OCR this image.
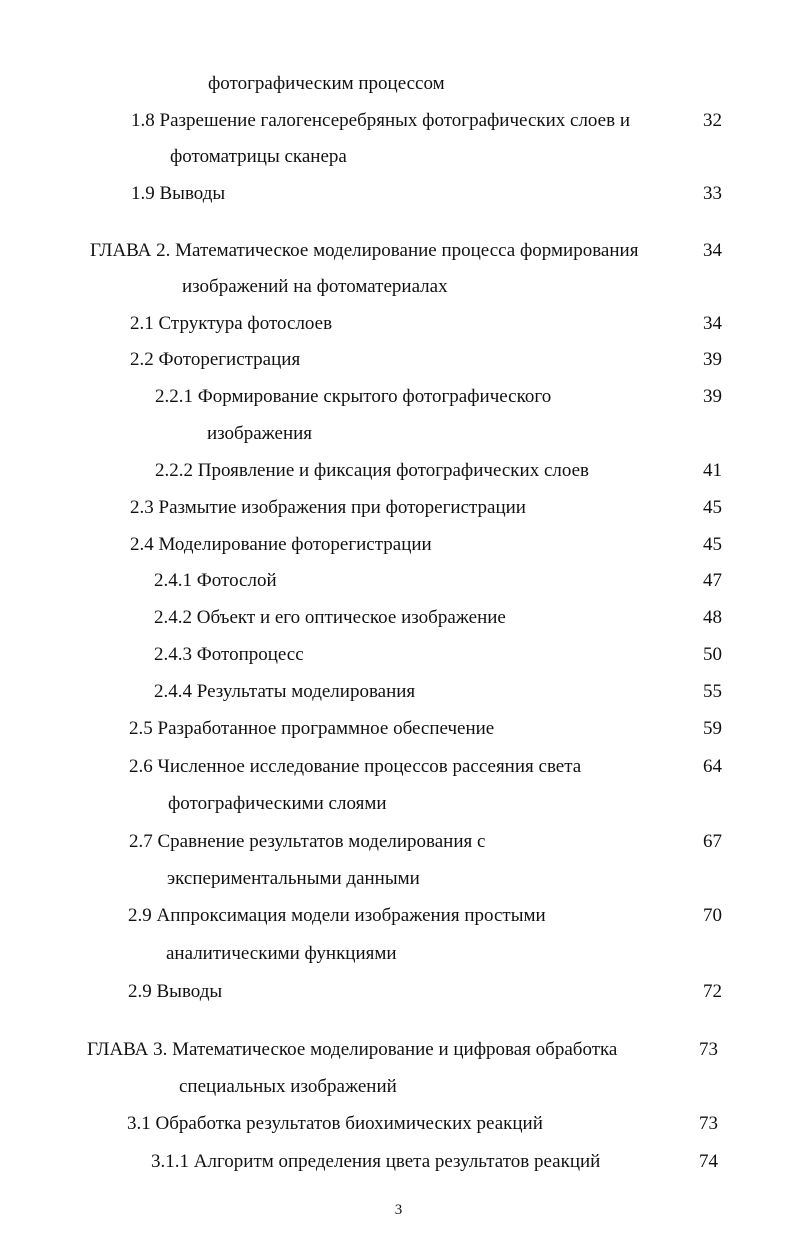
фотографическим процессом
1.8 Разрешение галогенсеребряных фотографических слоев и	32
фотоматрицы сканера
1.9 Выводы	33
ГЛАВА 2. Математическое моделирование процесса формирования	34
изображений на фотоматериалах
2.1 Структура фотослоев	34
2.2 Фоторегистрация	39
2.2.1 Формирование скрытого фотографического	39
изображения
2.2.2 Проявление и фиксация фотографических слоев	41
2.3 Размытие изображения при фоторегистрации	45
2.4 Моделирование фоторегистрации	45
2.4.1 Фотослой	47
2.4.2 Объект и его оптическое изображение	48
2.4.3 Фотопроцесс	50
2.4.4 Результаты моделирования	55
2.5 Разработанное программное обеспечение	59
2.6 Численное исследование процессов рассеяния света	64
фотографическими слоями
2.7 Сравнение результатов моделирования с	67
экспериментальными данными
2.9 Аппроксимация модели изображения простыми	70
аналитическими функциями
2.9 Выводы	72
ГЛАВА 3. Математическое моделирование и цифровая обработка	73
специальных изображений
3.1 Обработка результатов биохимических реакций	73
3.1.1 Алгоритм определения цвета результатов реакций	74
3
